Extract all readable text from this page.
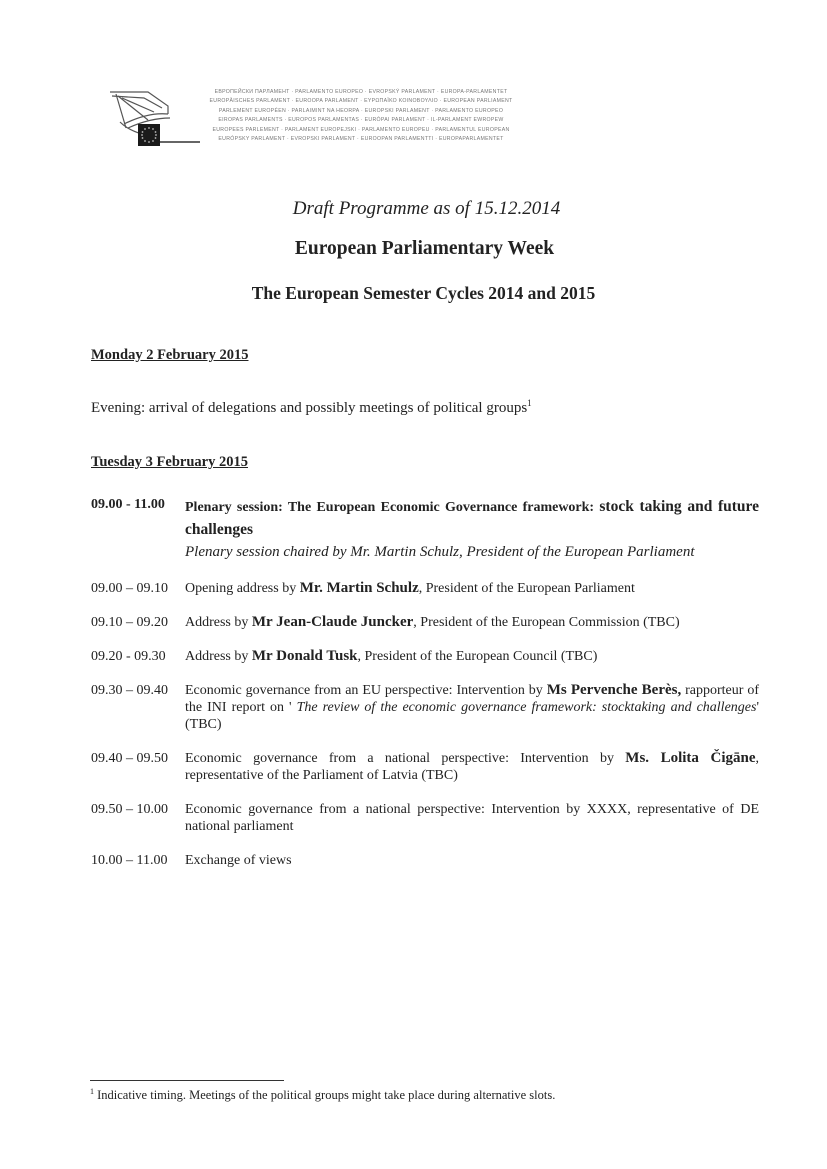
ЕВРОПЕЙСКИ ПАРЛАМЕНТ · PARLAMENTO EUROPEO · EVROPSKÝ PARLAMENT · EUROPA-PARLAMENTET
EUROPÄISCHES PARLAMENT · EUROOPA PARLAMENT · ΕΥΡΩΠΑΪΚΟ ΚΟΙΝΟΒΟΥΛΙΟ · EUROPEAN PARLIAMENT
PARLEMENT EUROPÉEN · PARLAIMINT NA HEORPA · EUROPSKI PARLAMENT · PARLAMENTO EUROPEO
EIROPAS PARLAMENTS · EUROPOS PARLAMENTAS · EURÓPAI PARLAMENT · IL-PARLAMENT EWROPEW
EUROPEES PARLEMENT · PARLAMENT EUROPEJSKI · PARLAMENTO EUROPEU · PARLAMENTUL EUROPEAN
EURÓPSKY PARLAMENT · EVROPSKI PARLAMENT · EUROOPAN PARLAMENTTI · EUROPAPARLAMENTET
Draft Programme as of 15.12.2014
European Parliamentary Week
The European Semester Cycles 2014 and 2015
Monday 2 February 2015
Evening: arrival of delegations and possibly meetings of political groups$^1$
Tuesday 3 February 2015
09.00 - 11.00	Plenary session: The European Economic Governance framework: stock taking and future challenges
Plenary session chaired by Mr. Martin Schulz, President of the European Parliament
09.00 – 09.10	Opening address by Mr. Martin Schulz, President of the European Parliament
09.10 – 09.20	Address by Mr Jean-Claude Juncker, President of the European Commission (TBC)
09.20 - 09.30	Address by Mr Donald Tusk, President of the European Council (TBC)
09.30 – 09.40	Economic governance from an EU perspective: Intervention by Ms Pervenche Berès, rapporteur of the INI report on ' The review of the economic governance framework: stocktaking and challenges' (TBC)
09.40 – 09.50	Economic governance from a national perspective: Intervention by Ms. Lolita Čigāne, representative of the Parliament of Latvia (TBC)
09.50 – 10.00	Economic governance from a national perspective: Intervention by XXXX, representative of DE national parliament
10.00 – 11.00	Exchange of views
$^1$ Indicative timing. Meetings of the political groups might take place during alternative slots.
